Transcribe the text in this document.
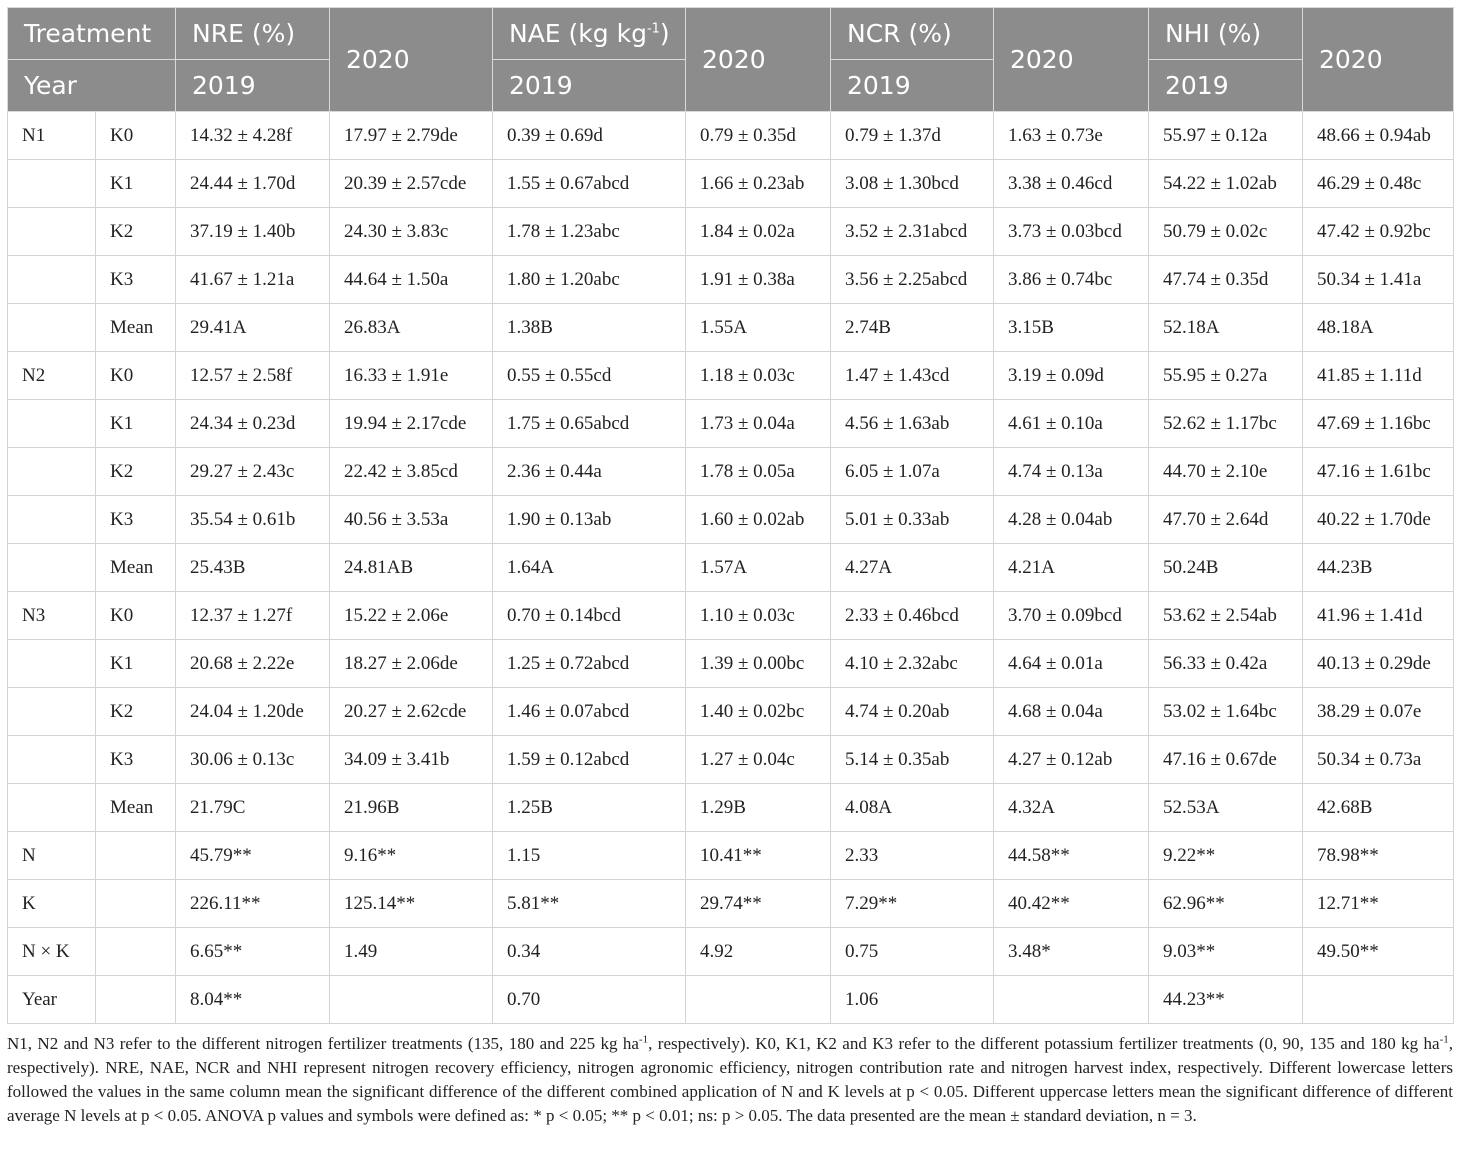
Treatment		NRE (%)	2020	NAE (kg $kg^{-1}$)	2020	NCR (%)	2020	NHI (%)	2020
Year		2019		2019		2019		2019	
N1	K0	14.32 ± 4.28f	17.97 ± 2.79de	0.39 ± 0.69d	0.79 ± 0.35d	0.79 ± 1.37d	1.63 ± 0.73e	55.97 ± 0.12a	48.66 ± 0.94ab
	K1	24.44 ± 1.70d	20.39 ± 2.57cde	1.55 ± 0.67abcd	1.66 ± 0.23ab	3.08 ± 1.30bcd	3.38 ± 0.46cd	54.22 ± 1.02ab	46.29 ± 0.48c
	K2	37.19 ± 1.40b	24.30 ± 3.83c	1.78 ± 1.23abc	1.84 ± 0.02a	3.52 ± 2.31abcd	3.73 ± 0.03bcd	50.79 ± 0.02c	47.42 ± 0.92bc
	K3	41.67 ± 1.21a	44.64 ± 1.50a	1.80 ± 1.20abc	1.91 ± 0.38a	3.56 ± 2.25abcd	3.86 ± 0.74bc	47.74 ± 0.35d	50.34 ± 1.41a
	Mean	29.41A	26.83A	1.38B	1.55A	2.74B	3.15B	52.18A	48.18A
N2	K0	12.57 ± 2.58f	16.33 ± 1.91e	0.55 ± 0.55cd	1.18 ± 0.03c	1.47 ± 1.43cd	3.19 ± 0.09d	55.95 ± 0.27a	41.85 ± 1.11d
	K1	24.34 ± 0.23d	19.94 ± 2.17cde	1.75 ± 0.65abcd	1.73 ± 0.04a	4.56 ± 1.63ab	4.61 ± 0.10a	52.62 ± 1.17bc	47.69 ± 1.16bc
	K2	29.27 ± 2.43c	22.42 ± 3.85cd	2.36 ± 0.44a	1.78 ± 0.05a	6.05 ± 1.07a	4.74 ± 0.13a	44.70 ± 2.10e	47.16 ± 1.61bc
	K3	35.54 ± 0.61b	40.56 ± 3.53a	1.90 ± 0.13ab	1.60 ± 0.02ab	5.01 ± 0.33ab	4.28 ± 0.04ab	47.70 ± 2.64d	40.22 ± 1.70de
	Mean	25.43B	24.81AB	1.64A	1.57A	4.27A	4.21A	50.24B	44.23B
N3	K0	12.37 ± 1.27f	15.22 ± 2.06e	0.70 ± 0.14bcd	1.10 ± 0.03c	2.33 ± 0.46bcd	3.70 ± 0.09bcd	53.62 ± 2.54ab	41.96 ± 1.41d
	K1	20.68 ± 2.22e	18.27 ± 2.06de	1.25 ± 0.72abcd	1.39 ± 0.00bc	4.10 ± 2.32abc	4.64 ± 0.01a	56.33 ± 0.42a	40.13 ± 0.29de
	K2	24.04 ± 1.20de	20.27 ± 2.62cde	1.46 ± 0.07abcd	1.40 ± 0.02bc	4.74 ± 0.20ab	4.68 ± 0.04a	53.02 ± 1.64bc	38.29 ± 0.07e
	K3	30.06 ± 0.13c	34.09 ± 3.41b	1.59 ± 0.12abcd	1.27 ± 0.04c	5.14 ± 0.35ab	4.27 ± 0.12ab	47.16 ± 0.67de	50.34 ± 0.73a
	Mean	21.79C	21.96B	1.25B	1.29B	4.08A	4.32A	52.53A	42.68B
N		45.79**	9.16**	1.15	10.41**	2.33	44.58**	9.22**	78.98**
K		226.11**	125.14**	5.81**	29.74**	7.29**	40.42**	62.96**	12.71**
N × K		6.65**	1.49	0.34	4.92	0.75	3.48*	9.03**	49.50**
Year		8.04**		0.70		1.06		44.23**	
N1, N2 and N3 refer to the different nitrogen fertilizer treatments (135, 180 and 225 kg $ha^{-1}$, respectively). K0, K1, K2 and K3 refer to the different potassium fertilizer treatments (0, 90, 135 and 180 kg $ha^{-1}$, respectively). NRE, NAE, NCR and NHI represent nitrogen recovery efficiency, nitrogen agronomic efficiency, nitrogen contribution rate and nitrogen harvest index, respectively. Different lowercase letters followed the values in the same column mean the significant difference of the different combined application of N and K levels at p < 0.05. Different uppercase letters mean the significant difference of different average N levels at p < 0.05. ANOVA p values and symbols were defined as: * p < 0.05; ** p < 0.01; ns: p > 0.05. The data presented are the mean ± standard deviation, n = 3.
